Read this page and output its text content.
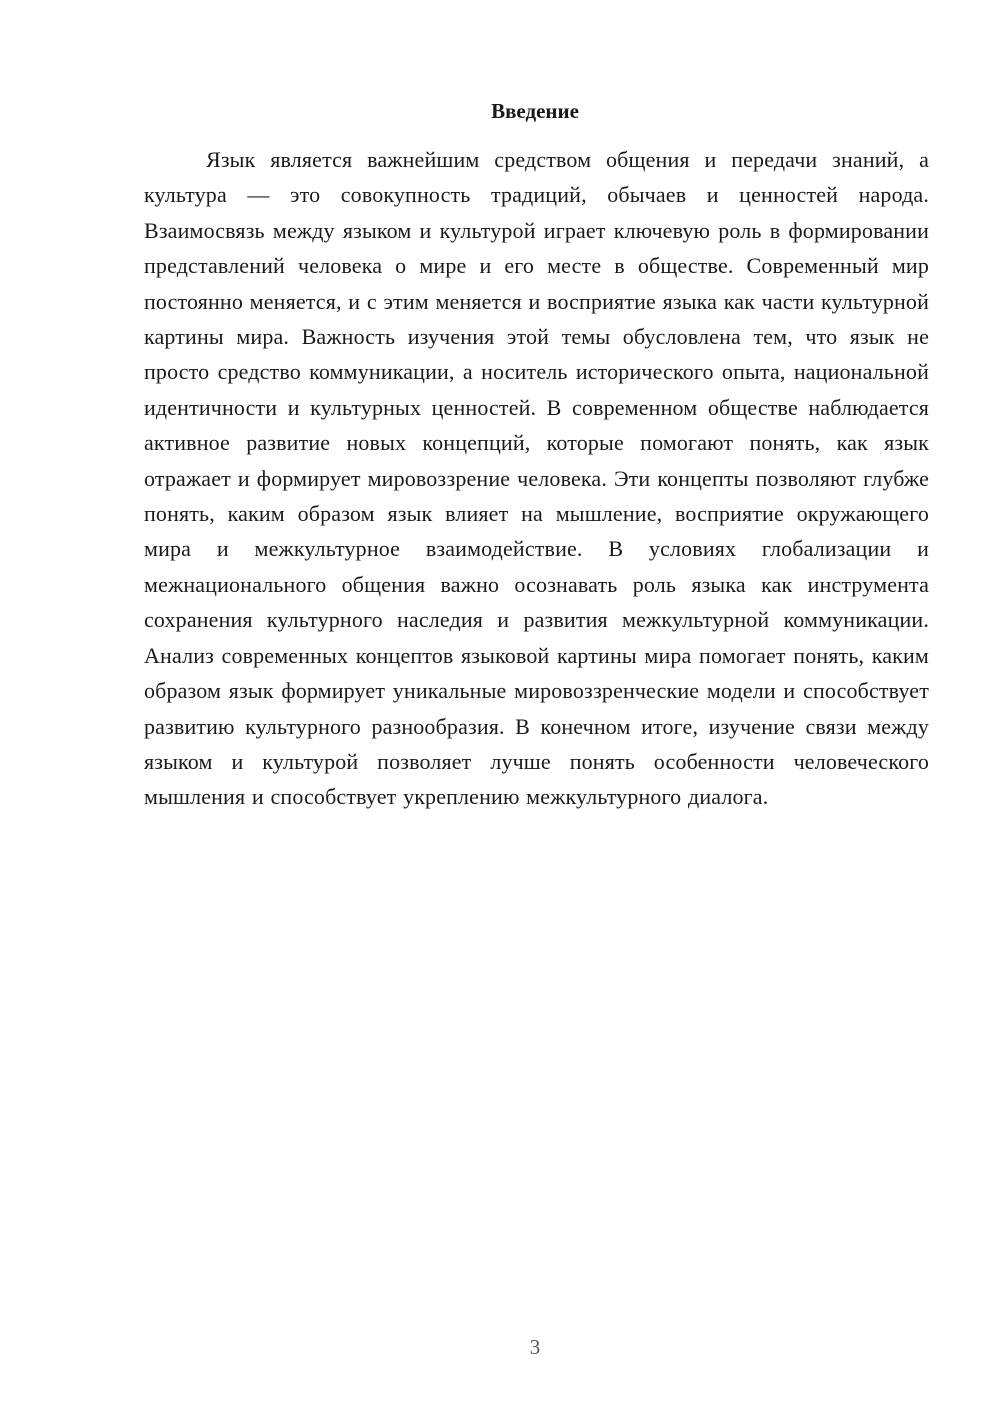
Введение

Язык является важнейшим средством общения и передачи знаний, а культура — это совокупность традиций, обычаев и ценностей народа. Взаимосвязь между языком и культурой играет ключевую роль в формировании представлений человека о мире и его месте в обществе. Современный мир постоянно меняется, и с этим меняется и восприятие языка как части культурной картины мира. Важность изучения этой темы обусловлена тем, что язык не просто средство коммуникации, а носитель исторического опыта, национальной идентичности и культурных ценностей. В современном обществе наблюдается активное развитие новых концепций, которые помогают понять, как язык отражает и формирует мировоззрение человека. Эти концепты позволяют глубже понять, каким образом язык влияет на мышление, восприятие окружающего мира и межкультурное взаимодействие. В условиях глобализации и межнационального общения важно осознавать роль языка как инструмента сохранения культурного наследия и развития межкультурной коммуникации. Анализ современных концептов языковой картины мира помогает понять, каким образом язык формирует уникальные мировоззренческие модели и способствует развитию культурного разнообразия. В конечном итоге, изучение связи между языком и культурой позволяет лучше понять особенности человеческого мышления и способствует укреплению межкультурного диалога.

3
